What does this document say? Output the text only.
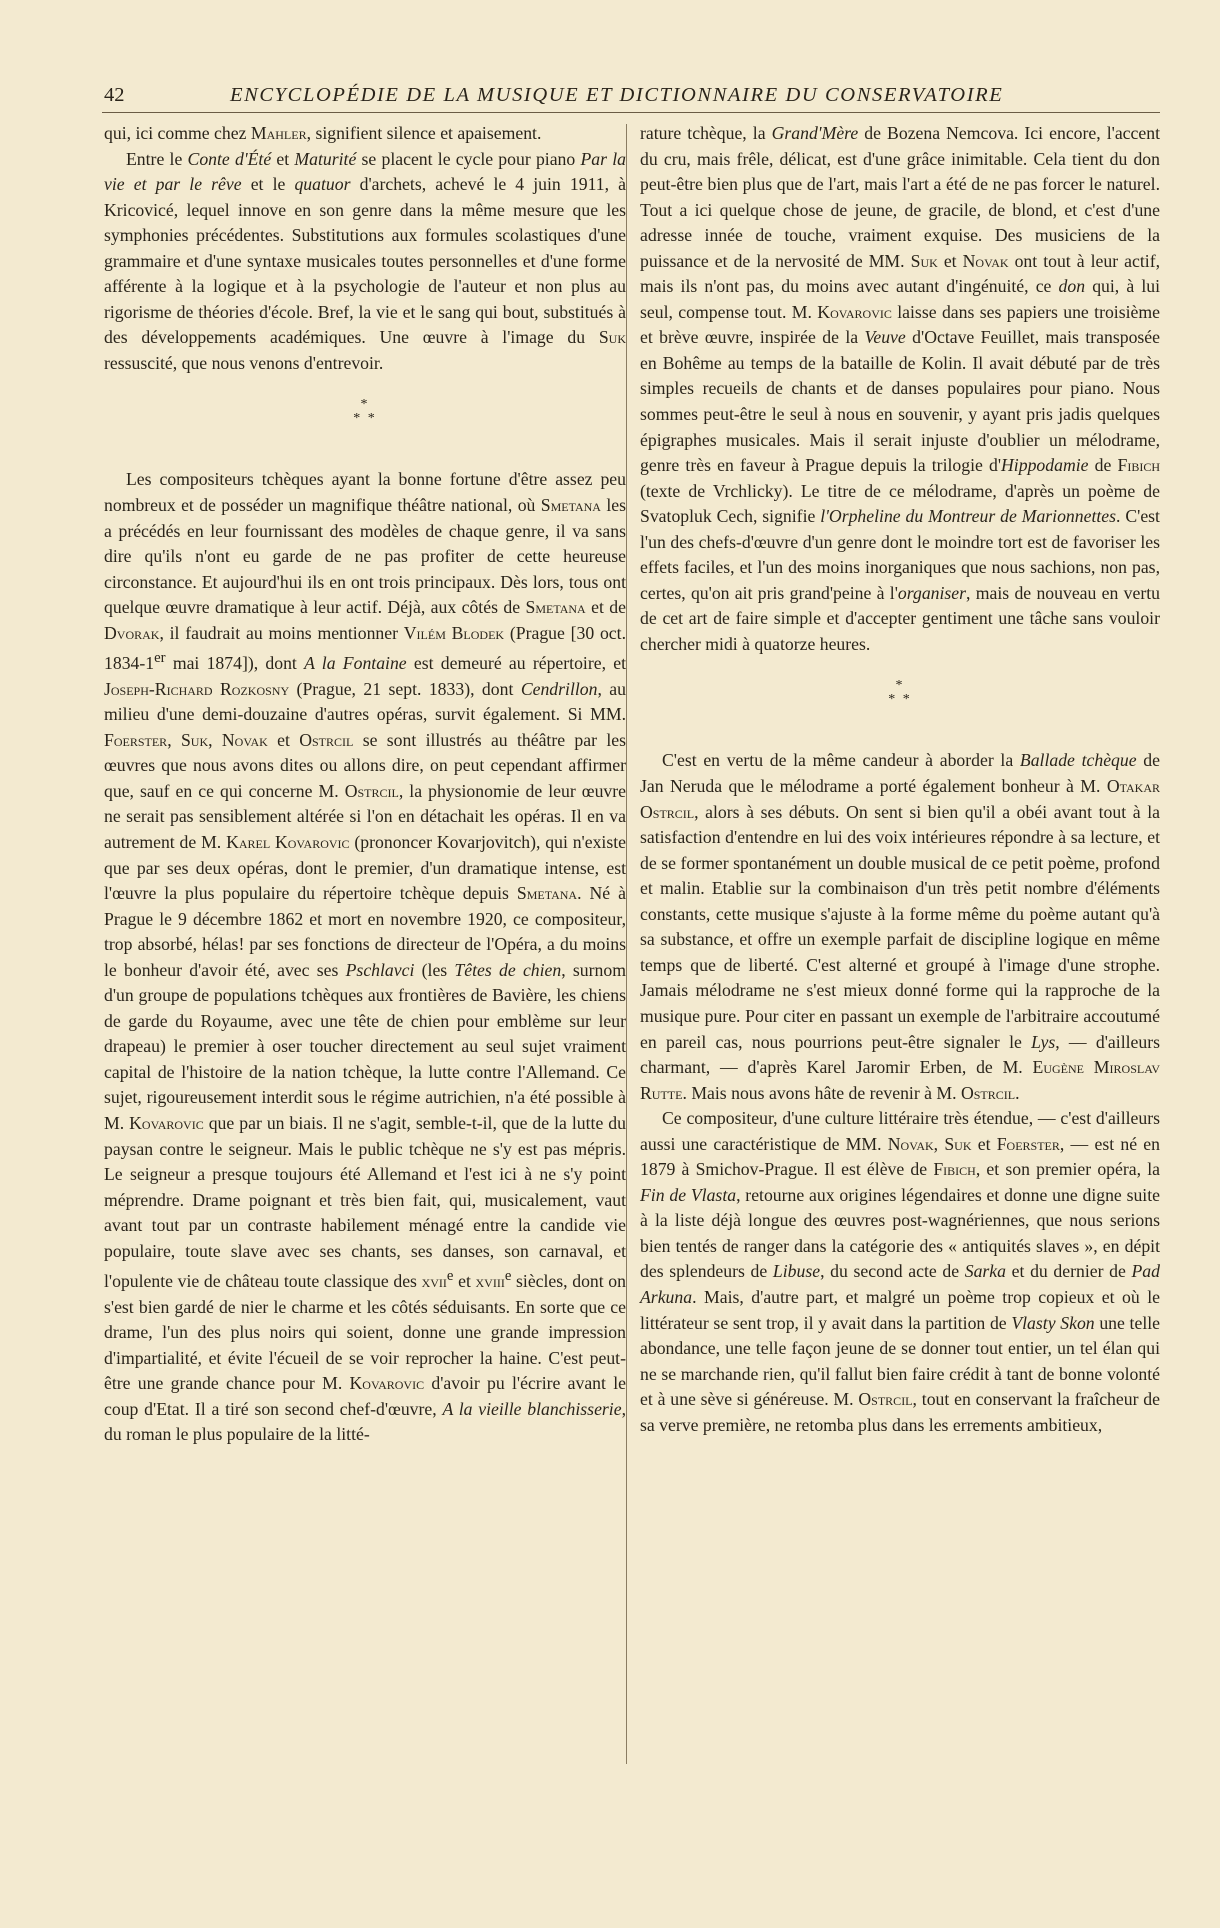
42	ENCYCLOPÉDIE DE LA MUSIQUE ET DICTIONNAIRE DU CONSERVATOIRE

qui, ici comme chez Mahler, signifient silence et apaisement.

Entre le Conte d'Été et Maturité se placent le cycle pour piano Par la vie et par le rêve et le quatuor d'archets, achevé le 4 juin 1911, à Kricovicé, lequel innove en son genre dans la même mesure que les symphonies précédentes. Substitutions aux formules scolastiques d'une grammaire et d'une syntaxe musicales toutes personnelles et d'une forme afférente à la logique et à la psychologie de l'auteur et non plus au rigorisme de théories d'école. Bref, la vie et le sang qui bout, substitués à des développements académiques. Une œuvre à l'image du Suk ressuscité, que nous venons d'entrevoir.

*
* *

Les compositeurs tchèques ayant la bonne fortune d'être assez peu nombreux et de posséder un magnifique théâtre national, où Smetana les a précédés en leur fournissant des modèles de chaque genre, il va sans dire qu'ils n'ont eu garde de ne pas profiter de cette heureuse circonstance. Et aujourd'hui ils en ont trois principaux. Dès lors, tous ont quelque œuvre dramatique à leur actif. Déjà, aux côtés de Smetana et de Dvorak, il faudrait au moins mentionner Vilém Blodek (Prague [30 oct. 1834-1er mai 1874]), dont A la Fontaine est demeuré au répertoire, et Joseph-Richard Rozkosny (Prague, 21 sept. 1833), dont Cendrillon, au milieu d'une demi-douzaine d'autres opéras, survit également. Si MM. Foerster, Suk, Novak et Ostrcil se sont illustrés au théâtre par les œuvres que nous avons dites ou allons dire, on peut cependant affirmer que, sauf en ce qui concerne M. Ostrcil, la physionomie de leur œuvre ne serait pas sensiblement altérée si l'on en détachait les opéras. Il en va autrement de M. Karel Kovarovic (prononcer Kovarjovitch), qui n'existe que par ses deux opéras, dont le premier, d'un dramatique intense, est l'œuvre la plus populaire du répertoire tchèque depuis Smetana. Né à Prague le 9 décembre 1862 et mort en novembre 1920, ce compositeur, trop absorbé, hélas! par ses fonctions de directeur de l'Opéra, a du moins le bonheur d'avoir été, avec ses Pschlavci (les Têtes de chien, surnom d'un groupe de populations tchèques aux frontières de Bavière, les chiens de garde du Royaume, avec une tête de chien pour emblème sur leur drapeau) le premier à oser toucher directement au seul sujet vraiment capital de l'histoire de la nation tchèque, la lutte contre l'Allemand. Ce sujet, rigoureusement interdit sous le régime autrichien, n'a été possible à M. Kovarovic que par un biais. Il ne s'agit, semble-t-il, que de la lutte du paysan contre le seigneur. Mais le public tchèque ne s'y est pas mépris. Le seigneur a presque toujours été Allemand et l'est ici à ne s'y point méprendre. Drame poignant et très bien fait, qui, musicalement, vaut avant tout par un contraste habilement ménagé entre la candide vie populaire, toute slave avec ses chants, ses danses, son carnaval, et l'opulente vie de château toute classique des xvii$^e$ et xviii$^e$ siècles, dont on s'est bien gardé de nier le charme et les côtés séduisants. En sorte que ce drame, l'un des plus noirs qui soient, donne une grande impression d'impartialité, et évite l'écueil de se voir reprocher la haine. C'est peut-être une grande chance pour M. Kovarovic d'avoir pu l'écrire avant le coup d'Etat. Il a tiré son second chef-d'œuvre, A la vieille blanchisserie, du roman le plus populaire de la litté-

rature tchèque, la Grand'Mère de Bozena Nemcova. Ici encore, l'accent du cru, mais frêle, délicat, est d'une grâce inimitable. Cela tient du don peut-être bien plus que de l'art, mais l'art a été de ne pas forcer le naturel. Tout a ici quelque chose de jeune, de gracile, de blond, et c'est d'une adresse innée de touche, vraiment exquise. Des musiciens de la puissance et de la nervosité de MM. Suk et Novak ont tout à leur actif, mais ils n'ont pas, du moins avec autant d'ingénuité, ce don qui, à lui seul, compense tout. M. Kovarovic laisse dans ses papiers une troisième et brève œuvre, inspirée de la Veuve d'Octave Feuillet, mais transposée en Bohême au temps de la bataille de Kolin. Il avait débuté par de très simples recueils de chants et de danses populaires pour piano. Nous sommes peut-être le seul à nous en souvenir, y ayant pris jadis quelques épigraphes musicales. Mais il serait injuste d'oublier un mélodrame, genre très en faveur à Prague depuis la trilogie d'Hippodamie de Fibich (texte de Vrchlicky). Le titre de ce mélodrame, d'après un poème de Svatopluk Cech, signifie l'Orpheline du Montreur de Marionnettes. C'est l'un des chefs-d'œuvre d'un genre dont le moindre tort est de favoriser les effets faciles, et l'un des moins inorganiques que nous sachions, non pas, certes, qu'on ait pris grand'peine à l'organiser, mais de nouveau en vertu de cet art de faire simple et d'accepter gentiment une tâche sans vouloir chercher midi à quatorze heures.

*
* *

C'est en vertu de la même candeur à aborder la Ballade tchèque de Jan Neruda que le mélodrame a porté également bonheur à M. Otakar Ostrcil, alors à ses débuts. On sent si bien qu'il a obéi avant tout à la satisfaction d'entendre en lui des voix intérieures répondre à sa lecture, et de se former spontanément un double musical de ce petit poème, profond et malin. Etablie sur la combinaison d'un très petit nombre d'éléments constants, cette musique s'ajuste à la forme même du poème autant qu'à sa substance, et offre un exemple parfait de discipline logique en même temps que de liberté. C'est alterné et groupé à l'image d'une strophe. Jamais mélodrame ne s'est mieux donné forme qui la rapproche de la musique pure. Pour citer en passant un exemple de l'arbitraire accoutumé en pareil cas, nous pourrions peut-être signaler le Lys, — d'ailleurs charmant, — d'après Karel Jaromir Erben, de M. Eugène Miroslav Rutte. Mais nous avons hâte de revenir à M. Ostrcil.

Ce compositeur, d'une culture littéraire très étendue, — c'est d'ailleurs aussi une caractéristique de MM. Novak, Suk et Foerster, — est né en 1879 à Smichov-Prague. Il est élève de Fibich, et son premier opéra, la Fin de Vlasta, retourne aux origines légendaires et donne une digne suite à la liste déjà longue des œuvres post-wagnériennes, que nous serions bien tentés de ranger dans la catégorie des « antiquités slaves », en dépit des splendeurs de Libuse, du second acte de Sarka et du dernier de Pad Arkuna. Mais, d'autre part, et malgré un poème trop copieux et où le littérateur se sent trop, il y avait dans la partition de Vlasty Skon une telle abondance, une telle façon jeune de se donner tout entier, un tel élan qui ne se marchande rien, qu'il fallut bien faire crédit à tant de bonne volonté et à une sève si généreuse. M. Ostrcil, tout en conservant la fraîcheur de sa verve première, ne retomba plus dans les errements ambitieux,
